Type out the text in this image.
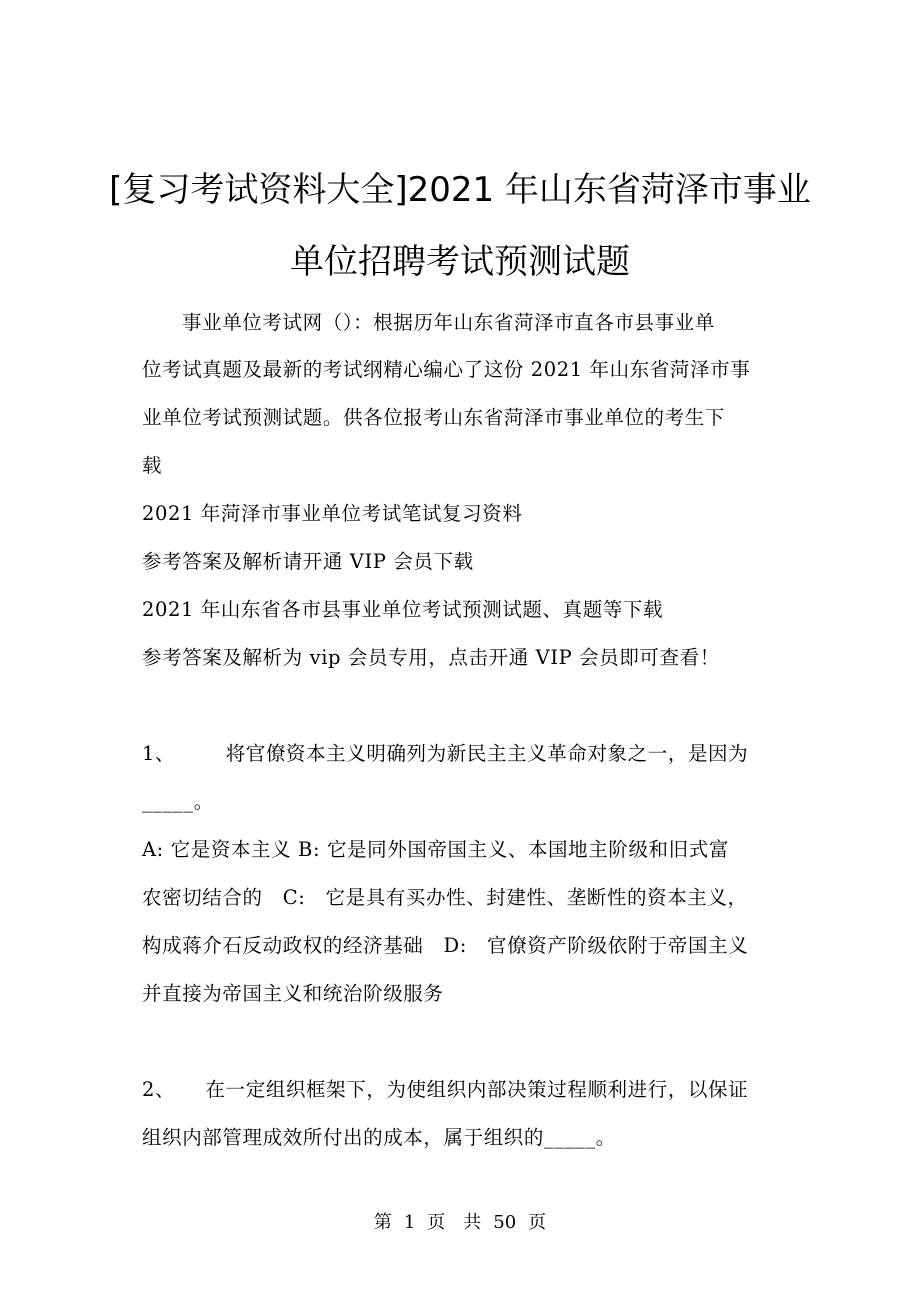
[复习考试资料大全]2021 年山东省菏泽市事业
单位招聘考试预测试题
事业单位考试网（）：根据历年山东省菏泽市直各市县事业单
位考试真题及最新的考试纲精心编心了这份 2021 年山东省菏泽市事
业单位考试预测试题。供各位报考山东省菏泽市事业单位的考生下
载
2021 年菏泽市事业单位考试笔试复习资料
参考答案及解析请开通 VIP 会员下载
2021 年山东省各市县事业单位考试预测试题、真题等下载
参考答案及解析为 vip 会员专用，点击开通 VIP 会员即可查看！
1、　　　将官僚资本主义明确列为新民主主义革命对象之一，是因为
_____。
A: 它是资本主义 B: 它是同外国帝国主义、本国地主阶级和旧式富
农密切结合的　C:　它是具有买办性、封建性、垄断性的资本主义，
构成蒋介石反动政权的经济基础　D:　官僚资产阶级依附于帝国主义
并直接为帝国主义和统治阶级服务
2、　　在一定组织框架下，为使组织内部决策过程顺利进行，以保证
组织内部管理成效所付出的成本，属于组织的_____。
第 1 页　共 50 页
